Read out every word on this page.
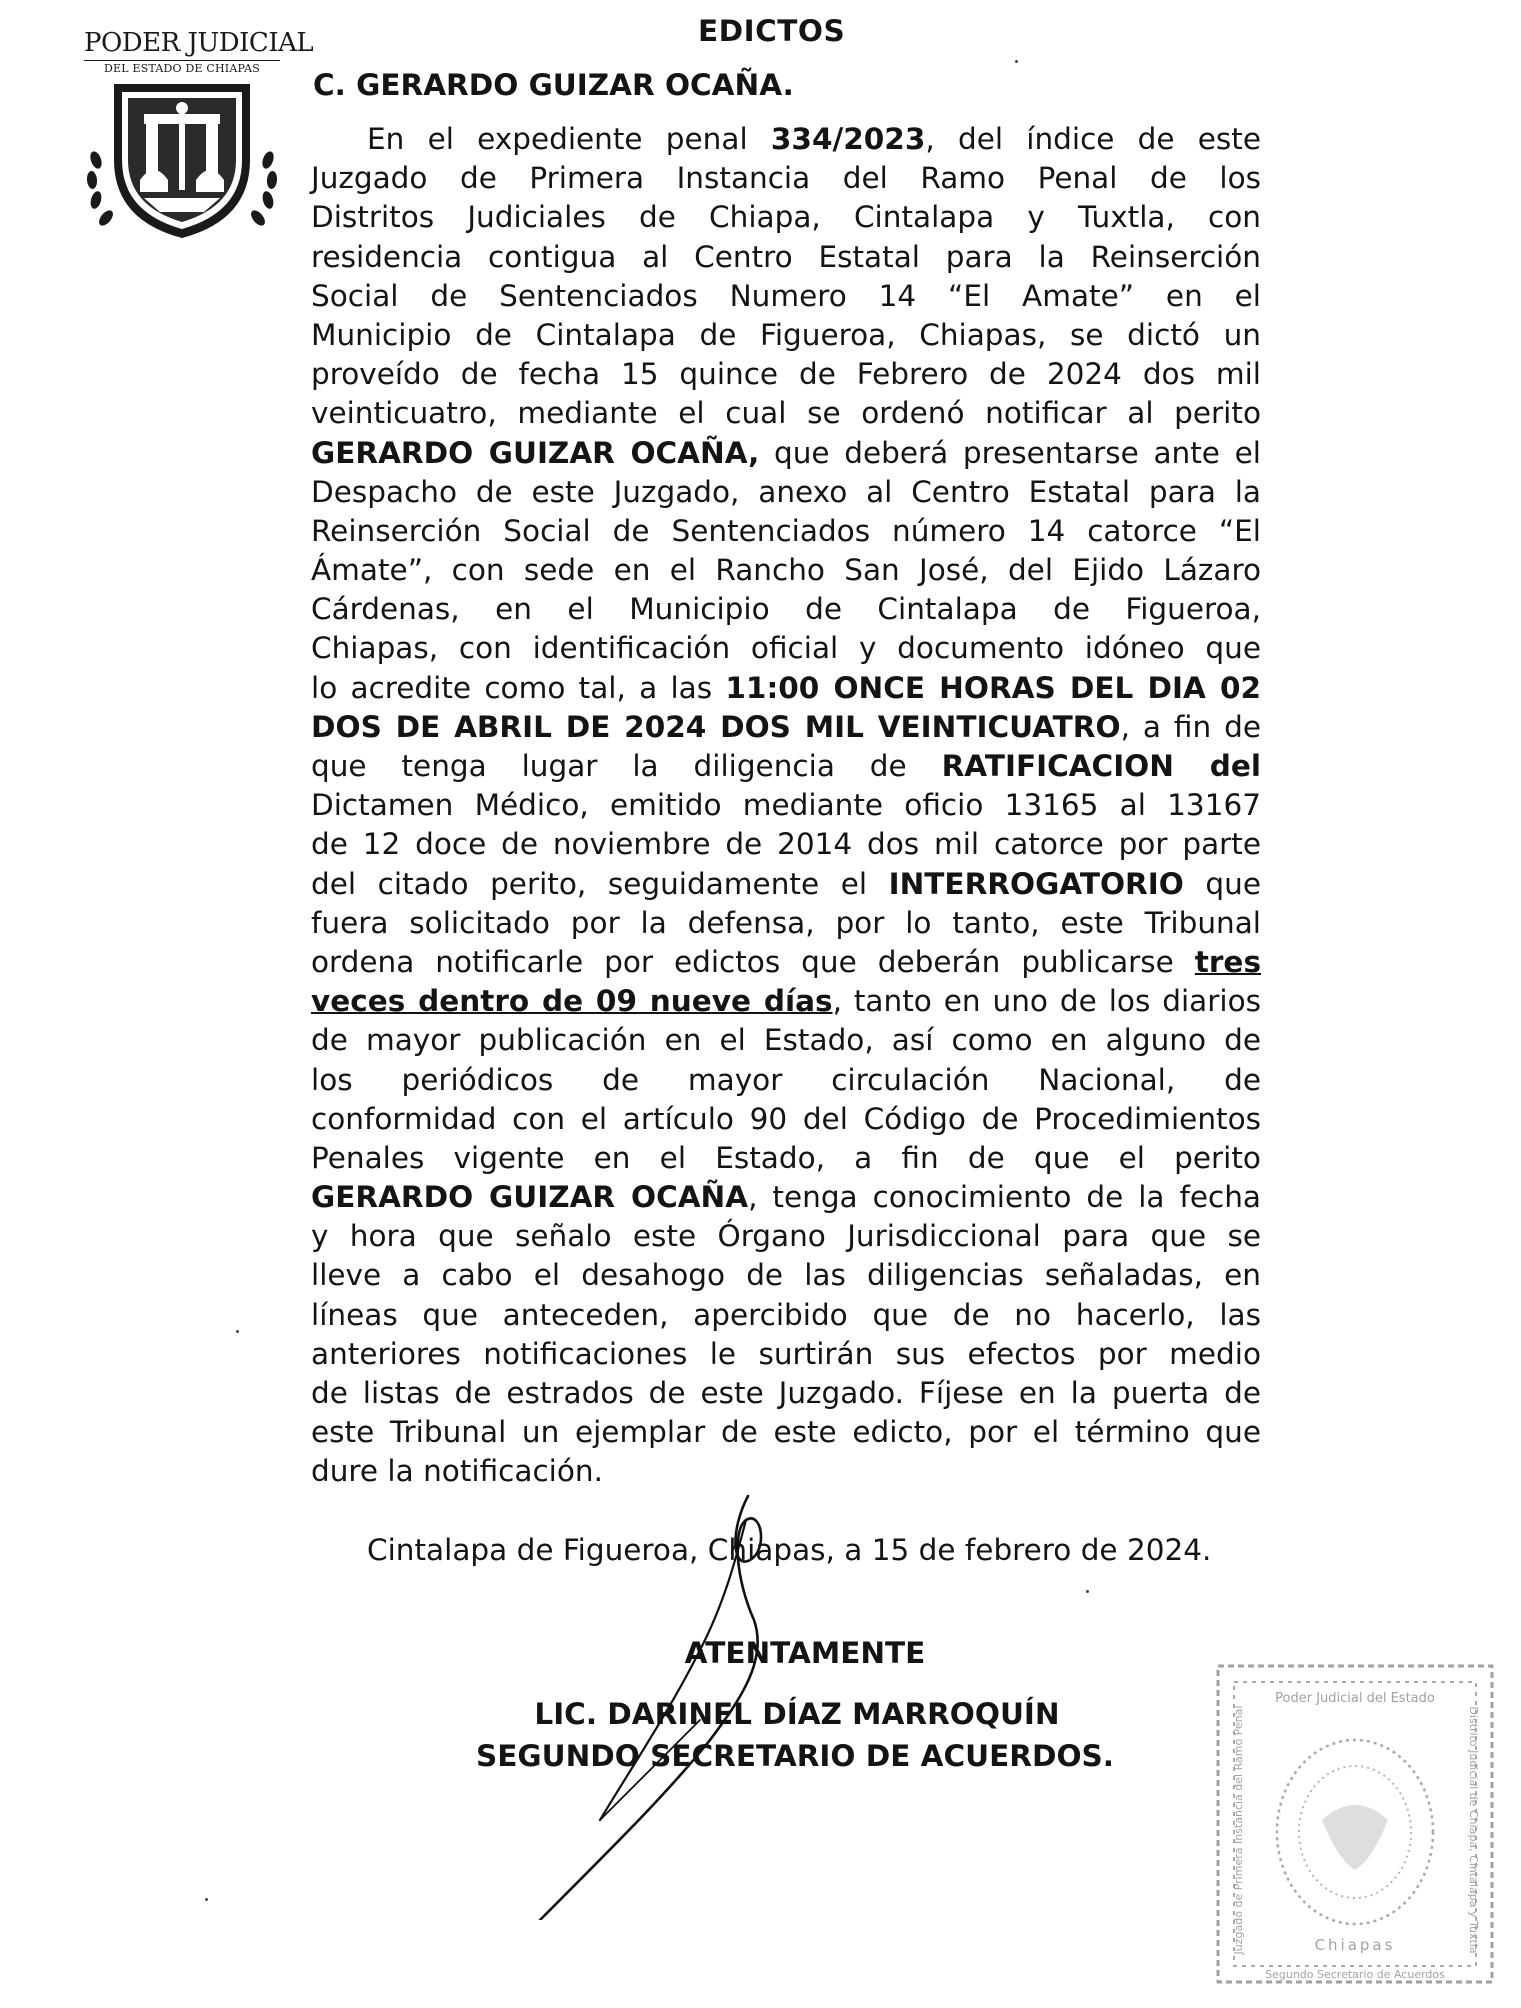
PODER JUDICIAL
DEL ESTADO DE CHIAPAS
EDICTOS
C. GERARDO GUIZAR OCAÑA.
En el expediente penal 334/2023, del índice de este
Juzgado de Primera Instancia del Ramo Penal de los
Distritos Judiciales de Chiapa, Cintalapa y Tuxtla, con
residencia contigua al Centro Estatal para la Reinserción
Social de Sentenciados Numero 14 “El Amate” en el
Municipio de Cintalapa de Figueroa, Chiapas, se dictó un
proveído de fecha 15 quince de Febrero de 2024 dos mil
veinticuatro, mediante el cual se ordenó notificar al perito
GERARDO GUIZAR OCAÑA, que deberá presentarse ante el
Despacho de este Juzgado, anexo al Centro Estatal para la
Reinserción Social de Sentenciados número 14 catorce “El
Ámate”, con sede en el Rancho San José, del Ejido Lázaro
Cárdenas, en el Municipio de Cintalapa de Figueroa,
Chiapas, con identificación oficial y documento idóneo que
lo acredite como tal, a las 11:00 ONCE HORAS DEL DIA 02
DOS DE ABRIL DE 2024 DOS MIL VEINTICUATRO, a fin de
que tenga lugar la diligencia de RATIFICACION del
Dictamen Médico, emitido mediante oficio 13165 al 13167
de 12 doce de noviembre de 2014 dos mil catorce por parte
del citado perito, seguidamente el INTERROGATORIO que
fuera solicitado por la defensa, por lo tanto, este Tribunal
ordena notificarle por edictos que deberán publicarse tres
veces dentro de 09 nueve días, tanto en uno de los diarios
de mayor publicación en el Estado, así como en alguno de
los periódicos de mayor circulación Nacional, de
conformidad con el artículo 90 del Código de Procedimientos
Penales vigente en el Estado, a fin de que el perito
GERARDO GUIZAR OCAÑA, tenga conocimiento de la fecha
y hora que señalo este Órgano Jurisdiccional para que se
lleve a cabo el desahogo de las diligencias señaladas, en
líneas que anteceden, apercibido que de no hacerlo, las
anteriores notificaciones le surtirán sus efectos por medio
de listas de estrados de este Juzgado. Fíjese en la puerta de
este Tribunal un ejemplar de este edicto, por el término que
dure la notificación.
Cintalapa de Figueroa, Chiapas, a 15 de febrero de 2024.
ATENTAMENTE
LIC. DARINEL DÍAZ MARROQUÍN
SEGUNDO SECRETARIO DE ACUERDOS.
Poder Judicial del Estado
Distrito Judicial de Chiapa, Cintalapa y Tuxtla
Juzgado de Primera Instancia del Ramo Penal	Chiapas
Segundo Secretario de Acuerdos
